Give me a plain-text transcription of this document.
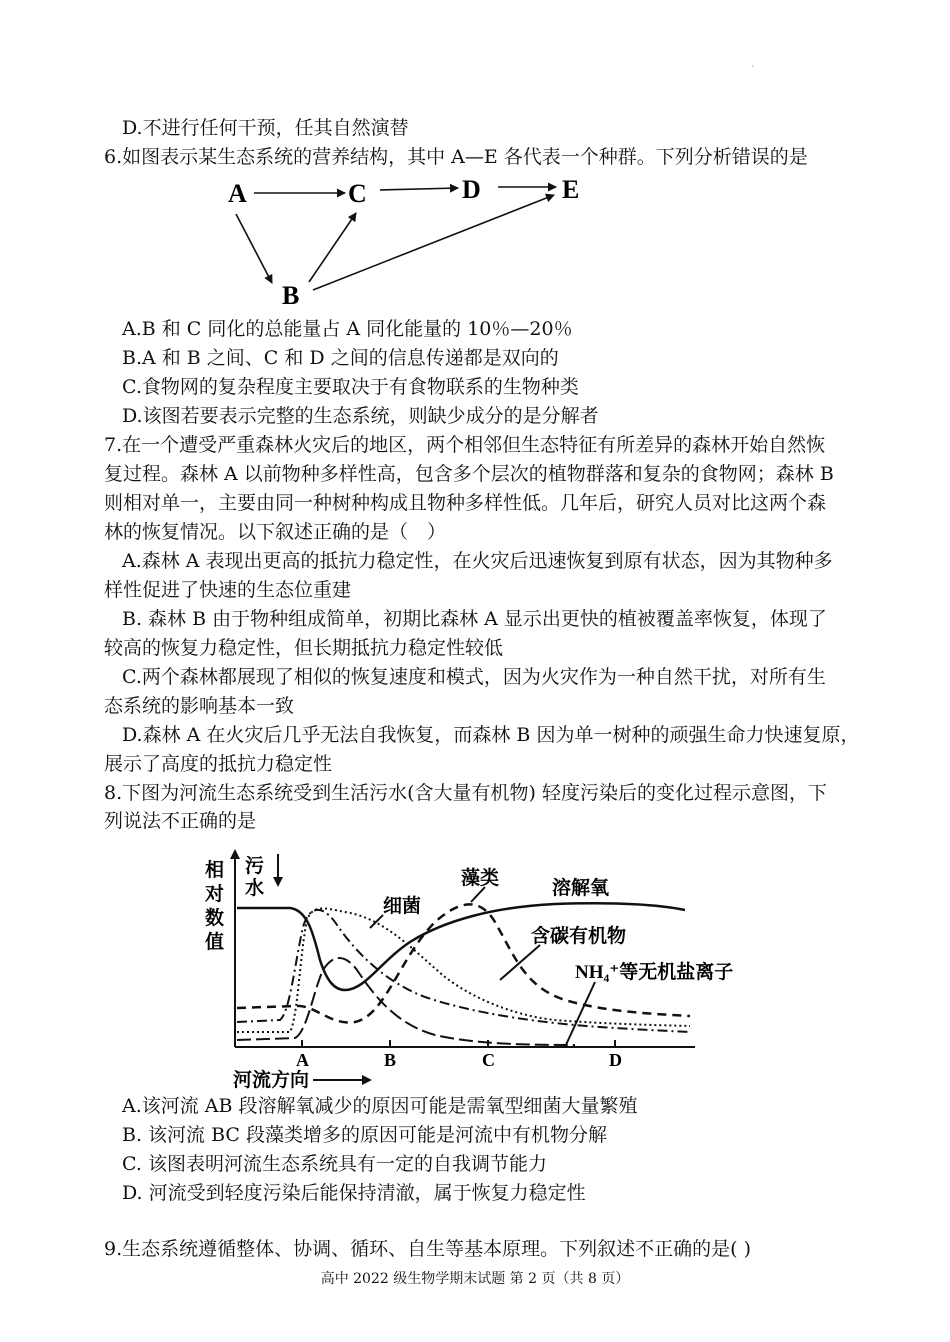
'
D.不进行任何干预，任其自然演替
6.如图表示某生态系统的营养结构，其中 A—E 各代表一个种群。下列分析错误的是
A
B
C	D	E
A.B 和 C 同化的总能量占 A 同化能量的 10％—20％
B.A 和 B 之间、C 和 D 之间的信息传递都是双向的
C.食物网的复杂程度主要取决于有食物联系的生物种类
D.该图若要表示完整的生态系统，则缺少成分的是分解者
7.在一个遭受严重森林火灾后的地区，两个相邻但生态特征有所差异的森林开始自然恢
复过程。森林 A 以前物种多样性高，包含多个层次的植物群落和复杂的食物网；森林 B
则相对单一，主要由同一种树种构成且物种多样性低。几年后，研究人员对比这两个森
林的恢复情况。以下叙述正确的是（　）
A.森林 A 表现出更高的抵抗力稳定性，在火灾后迅速恢复到原有状态，因为其物种多
样性促进了快速的生态位重建
B. 森林 B 由于物种组成简单，初期比森林 A 显示出更快的植被覆盖率恢复，体现了
较高的恢复力稳定性，但长期抵抗力稳定性较低
C.两个森林都展现了相似的恢复速度和模式，因为火灾作为一种自然干扰，对所有生
态系统的影响基本一致
D.森林 A 在火灾后几乎无法自我恢复，而森林 B 因为单一树种的顽强生命力快速复原，
展示了高度的抵抗力稳定性
8.下图为河流生态系统受到生活污水(含大量有机物) 轻度污染后的变化过程示意图，下
列说法不正确的是
相
对
数
值
污
水
细菌
藻类	溶解氧
含碳有机物
NH₄⁺等无机盐离子
A	B	C	D
河流方向
A.该河流 AB 段溶解氧减少的原因可能是需氧型细菌大量繁殖
B. 该河流 BC 段藻类增多的原因可能是河流中有机物分解
C. 该图表明河流生态系统具有一定的自我调节能力
D. 河流受到轻度污染后能保持清澈，属于恢复力稳定性
9.生态系统遵循整体、协调、循环、自生等基本原理。下列叙述不正确的是( )
高中 2022 级生物学期末试题 第 2 页（共 8 页）
